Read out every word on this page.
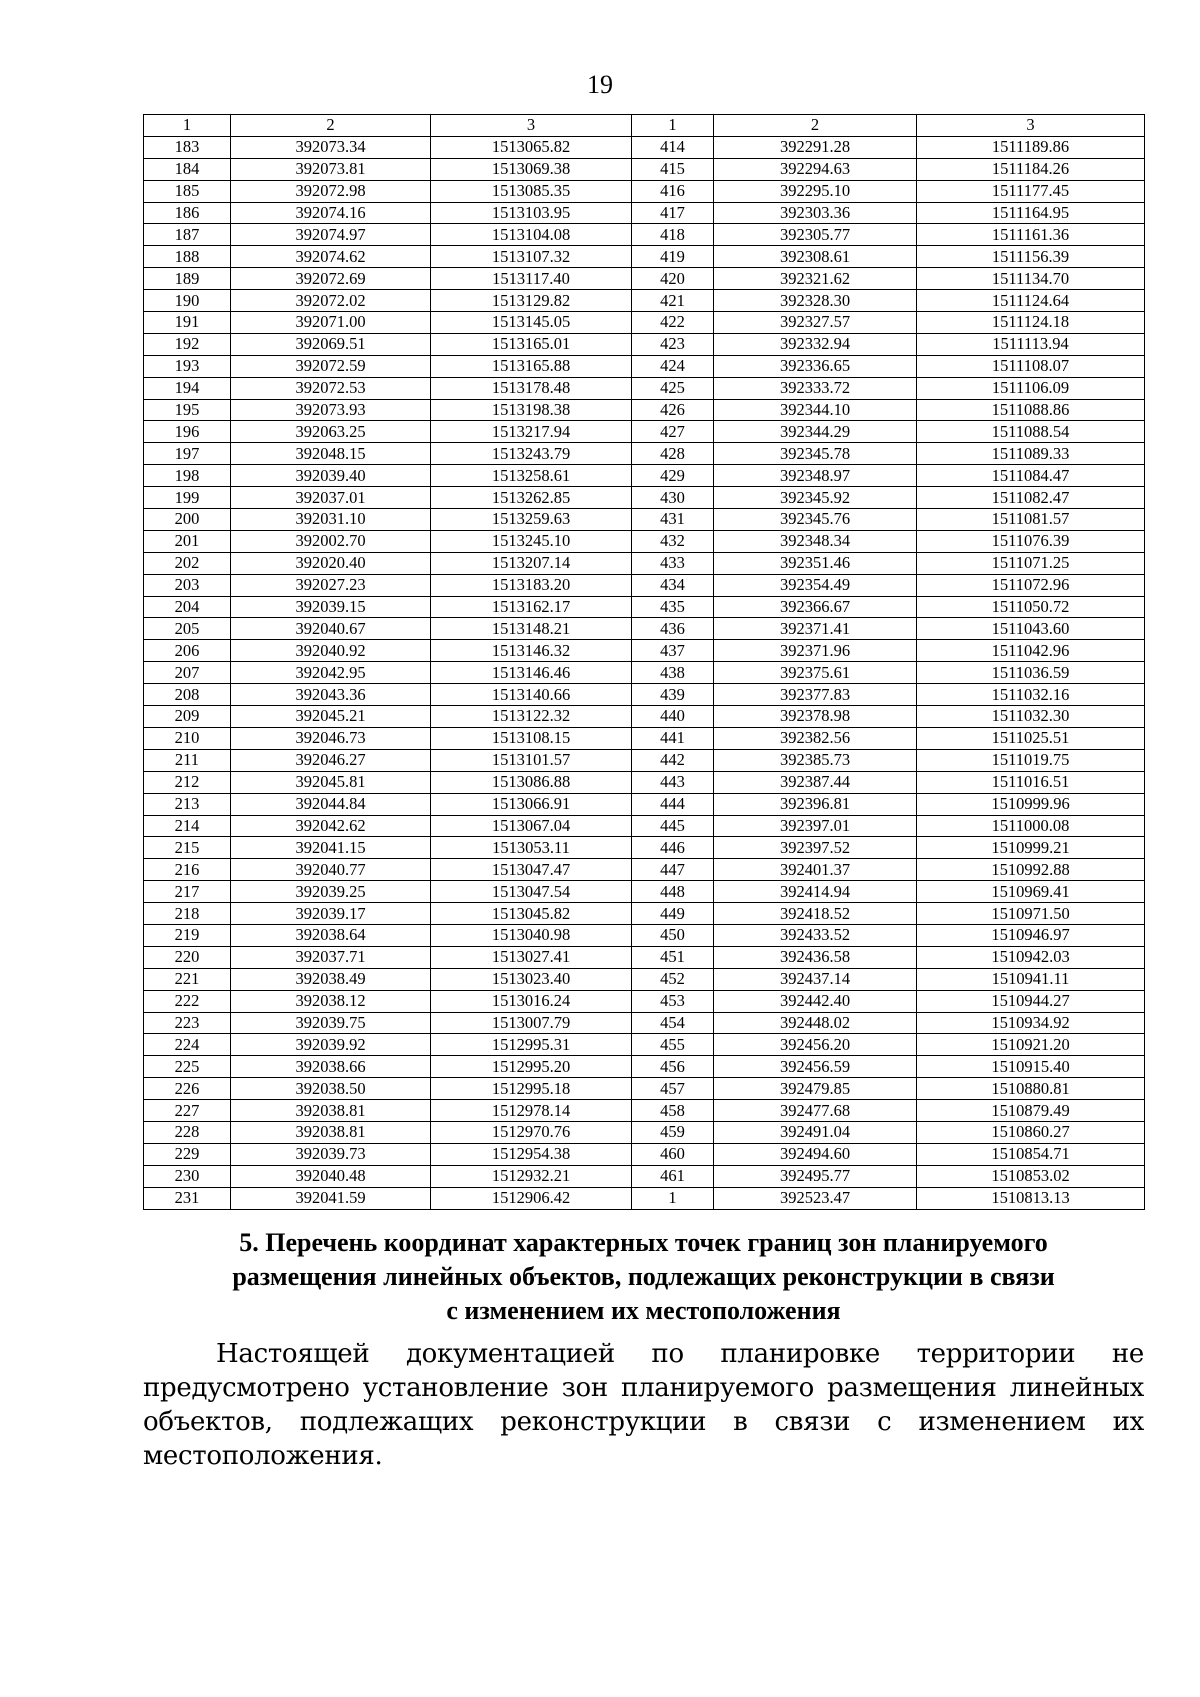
19
1	2	3	1	2	3
183	392073.34	1513065.82	414	392291.28	1511189.86
184	392073.81	1513069.38	415	392294.63	1511184.26
185	392072.98	1513085.35	416	392295.10	1511177.45
186	392074.16	1513103.95	417	392303.36	1511164.95
187	392074.97	1513104.08	418	392305.77	1511161.36
188	392074.62	1513107.32	419	392308.61	1511156.39
189	392072.69	1513117.40	420	392321.62	1511134.70
190	392072.02	1513129.82	421	392328.30	1511124.64
191	392071.00	1513145.05	422	392327.57	1511124.18
192	392069.51	1513165.01	423	392332.94	1511113.94
193	392072.59	1513165.88	424	392336.65	1511108.07
194	392072.53	1513178.48	425	392333.72	1511106.09
195	392073.93	1513198.38	426	392344.10	1511088.86
196	392063.25	1513217.94	427	392344.29	1511088.54
197	392048.15	1513243.79	428	392345.78	1511089.33
198	392039.40	1513258.61	429	392348.97	1511084.47
199	392037.01	1513262.85	430	392345.92	1511082.47
200	392031.10	1513259.63	431	392345.76	1511081.57
201	392002.70	1513245.10	432	392348.34	1511076.39
202	392020.40	1513207.14	433	392351.46	1511071.25
203	392027.23	1513183.20	434	392354.49	1511072.96
204	392039.15	1513162.17	435	392366.67	1511050.72
205	392040.67	1513148.21	436	392371.41	1511043.60
206	392040.92	1513146.32	437	392371.96	1511042.96
207	392042.95	1513146.46	438	392375.61	1511036.59
208	392043.36	1513140.66	439	392377.83	1511032.16
209	392045.21	1513122.32	440	392378.98	1511032.30
210	392046.73	1513108.15	441	392382.56	1511025.51
211	392046.27	1513101.57	442	392385.73	1511019.75
212	392045.81	1513086.88	443	392387.44	1511016.51
213	392044.84	1513066.91	444	392396.81	1510999.96
214	392042.62	1513067.04	445	392397.01	1511000.08
215	392041.15	1513053.11	446	392397.52	1510999.21
216	392040.77	1513047.47	447	392401.37	1510992.88
217	392039.25	1513047.54	448	392414.94	1510969.41
218	392039.17	1513045.82	449	392418.52	1510971.50
219	392038.64	1513040.98	450	392433.52	1510946.97
220	392037.71	1513027.41	451	392436.58	1510942.03
221	392038.49	1513023.40	452	392437.14	1510941.11
222	392038.12	1513016.24	453	392442.40	1510944.27
223	392039.75	1513007.79	454	392448.02	1510934.92
224	392039.92	1512995.31	455	392456.20	1510921.20
225	392038.66	1512995.20	456	392456.59	1510915.40
226	392038.50	1512995.18	457	392479.85	1510880.81
227	392038.81	1512978.14	458	392477.68	1510879.49
228	392038.81	1512970.76	459	392491.04	1510860.27
229	392039.73	1512954.38	460	392494.60	1510854.71
230	392040.48	1512932.21	461	392495.77	1510853.02
231	392041.59	1512906.42	1	392523.47	1510813.13
5. Перечень координат характерных точек границ зон планируемого
размещения линейных объектов, подлежащих реконструкции в связи
с изменением их местоположения
Настоящей документацией по планировке территории не предусмотрено установление зон планируемого размещения линейных объектов, подлежащих реконструкции в связи с изменением их местоположения.
